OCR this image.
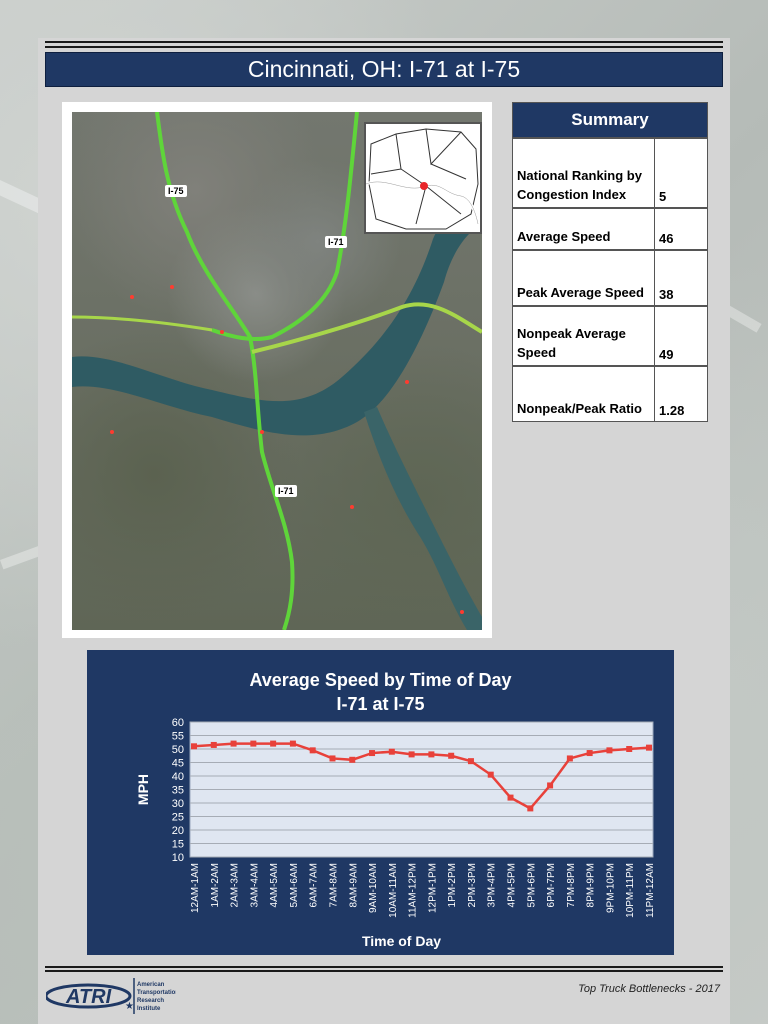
Cincinnati, OH: I-71 at I-75
I-75
I-71
I-71
Summary
National Ranking by Congestion Index	5
Average Speed	46
Peak Average Speed	38
Nonpeak Average Speed	49
Nonpeak/Peak Ratio	1.28
Average Speed by Time of Day
I-71 at I-75
10
15
20
25
30
35
40
45
50
55
60
12AM-1AM 1AM-2AM 2AM-3AM 3AM-4AM 4AM-5AM 5AM-6AM 6AM-7AM 7AM-8AM 8AM-9AM 9AM-10AM 10AM-11AM 11AM-12PM 12PM-1PM 1PM-2PM 2PM-3PM 3PM-4PM 4PM-5PM 5PM-6PM 6PM-7PM 7PM-8PM 8PM-9PM 9PM-10PM 10PM-11PM 11PM-12AM
MPH
Time of Day
ATRI ★
American
Transportation
Research
Institute
Top Truck Bottlenecks - 2017
